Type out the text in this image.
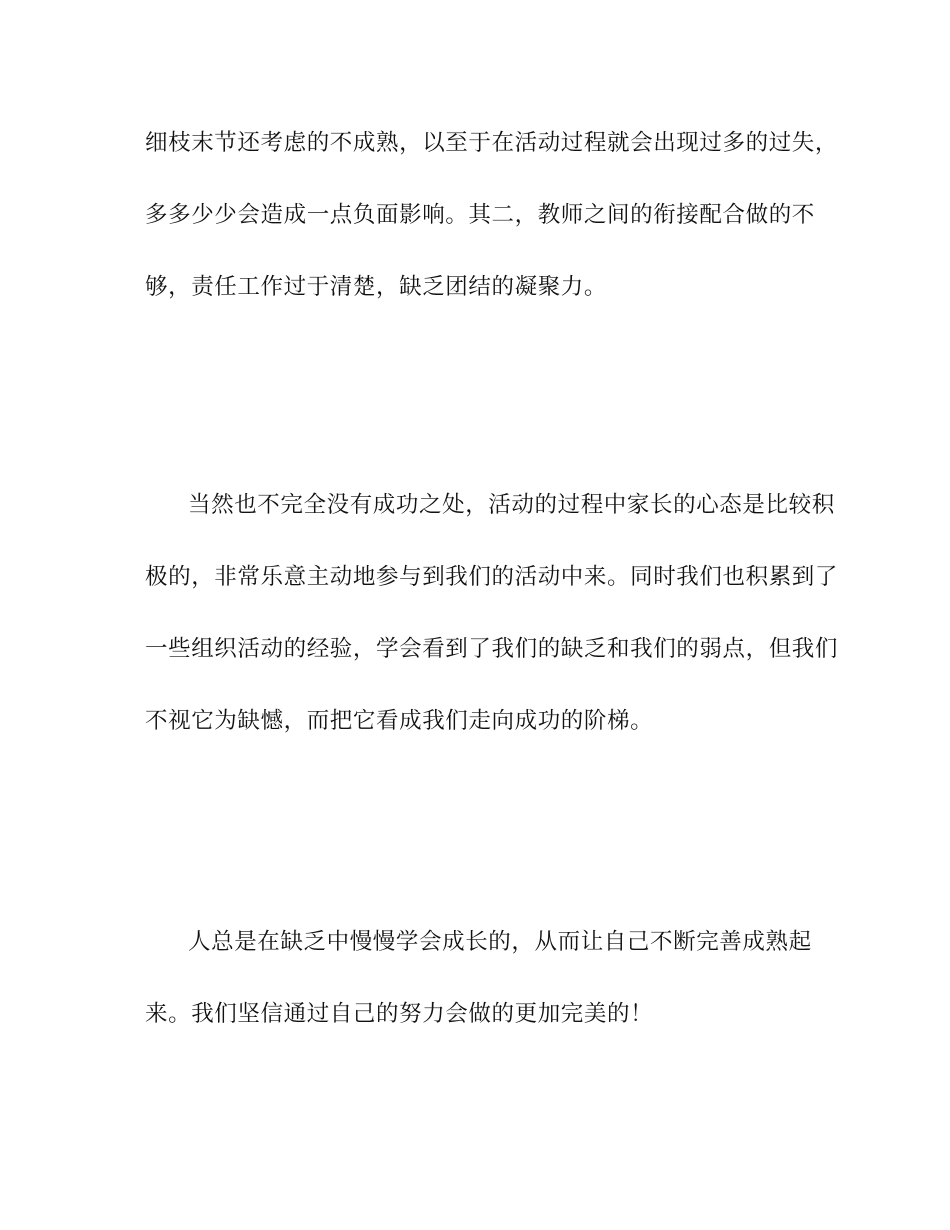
细枝末节还考虑的不成熟，以至于在活动过程就会出现过多的过失，
多多少少会造成一点负面影响。其二，教师之间的衔接配合做的不
够，责任工作过于清楚，缺乏团结的凝聚力。
当然也不完全没有成功之处，活动的过程中家长的心态是比较积
极的，非常乐意主动地参与到我们的活动中来。同时我们也积累到了
一些组织活动的经验，学会看到了我们的缺乏和我们的弱点，但我们
不视它为缺憾，而把它看成我们走向成功的阶梯。
人总是在缺乏中慢慢学会成长的，从而让自己不断完善成熟起
来。我们坚信通过自己的努力会做的更加完美的！
